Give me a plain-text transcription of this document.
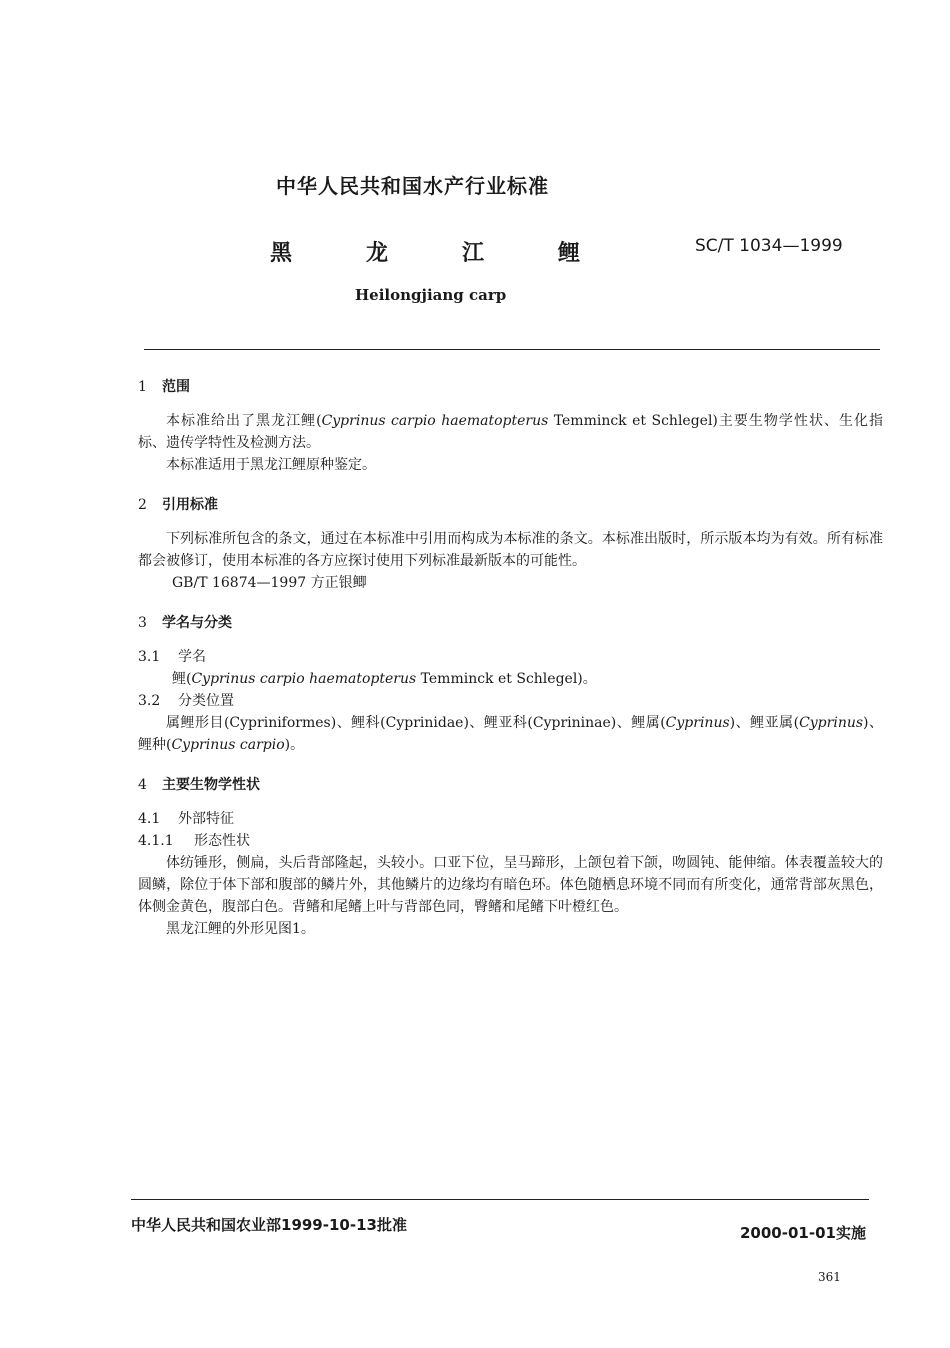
中华人民共和国水产行业标准
黑	龙	江	鲤	SC/T 1034—1999
Heilongjiang carp

1 范围

本标准给出了黑龙江鲤(Cyprinus carpio haematopterus Temminck et Schlegel)主要生物学性状、生化指标、遗传学特性及检测方法。

本标准适用于黑龙江鲤原种鉴定。

2 引用标准

下列标准所包含的条文，通过在本标准中引用而构成为本标准的条文。本标准出版时，所示版本均为有效。所有标准都会被修订，使用本标准的各方应探讨使用下列标准最新版本的可能性。

GB/T 16874—1997 方正银鲫

3 学名与分类

3.1 学名

鲤(Cyprinus carpio haematopterus Temminck et Schlegel)。

3.2 分类位置

属鲤形目(Cypriniformes)、鲤科(Cyprinidae)、鲤亚科(Cyprininae)、鲤属(Cyprinus)、鲤亚属(Cyprinus)、鲤种(Cyprinus carpio)。

4 主要生物学性状

4.1 外部特征

4.1.1 形态性状

体纺锤形，侧扁，头后背部隆起，头较小。口亚下位，呈马蹄形，上颌包着下颌，吻圆钝、能伸缩。体表覆盖较大的圆鳞，除位于体下部和腹部的鳞片外，其他鳞片的边缘均有暗色环。体色随栖息环境不同而有所变化，通常背部灰黑色，体侧金黄色，腹部白色。背鳍和尾鳍上叶与背部色同，臀鳍和尾鳍下叶橙红色。

黑龙江鲤的外形见图1。

中华人民共和国农业部1999-10-13批准	2000-01-01实施
361
